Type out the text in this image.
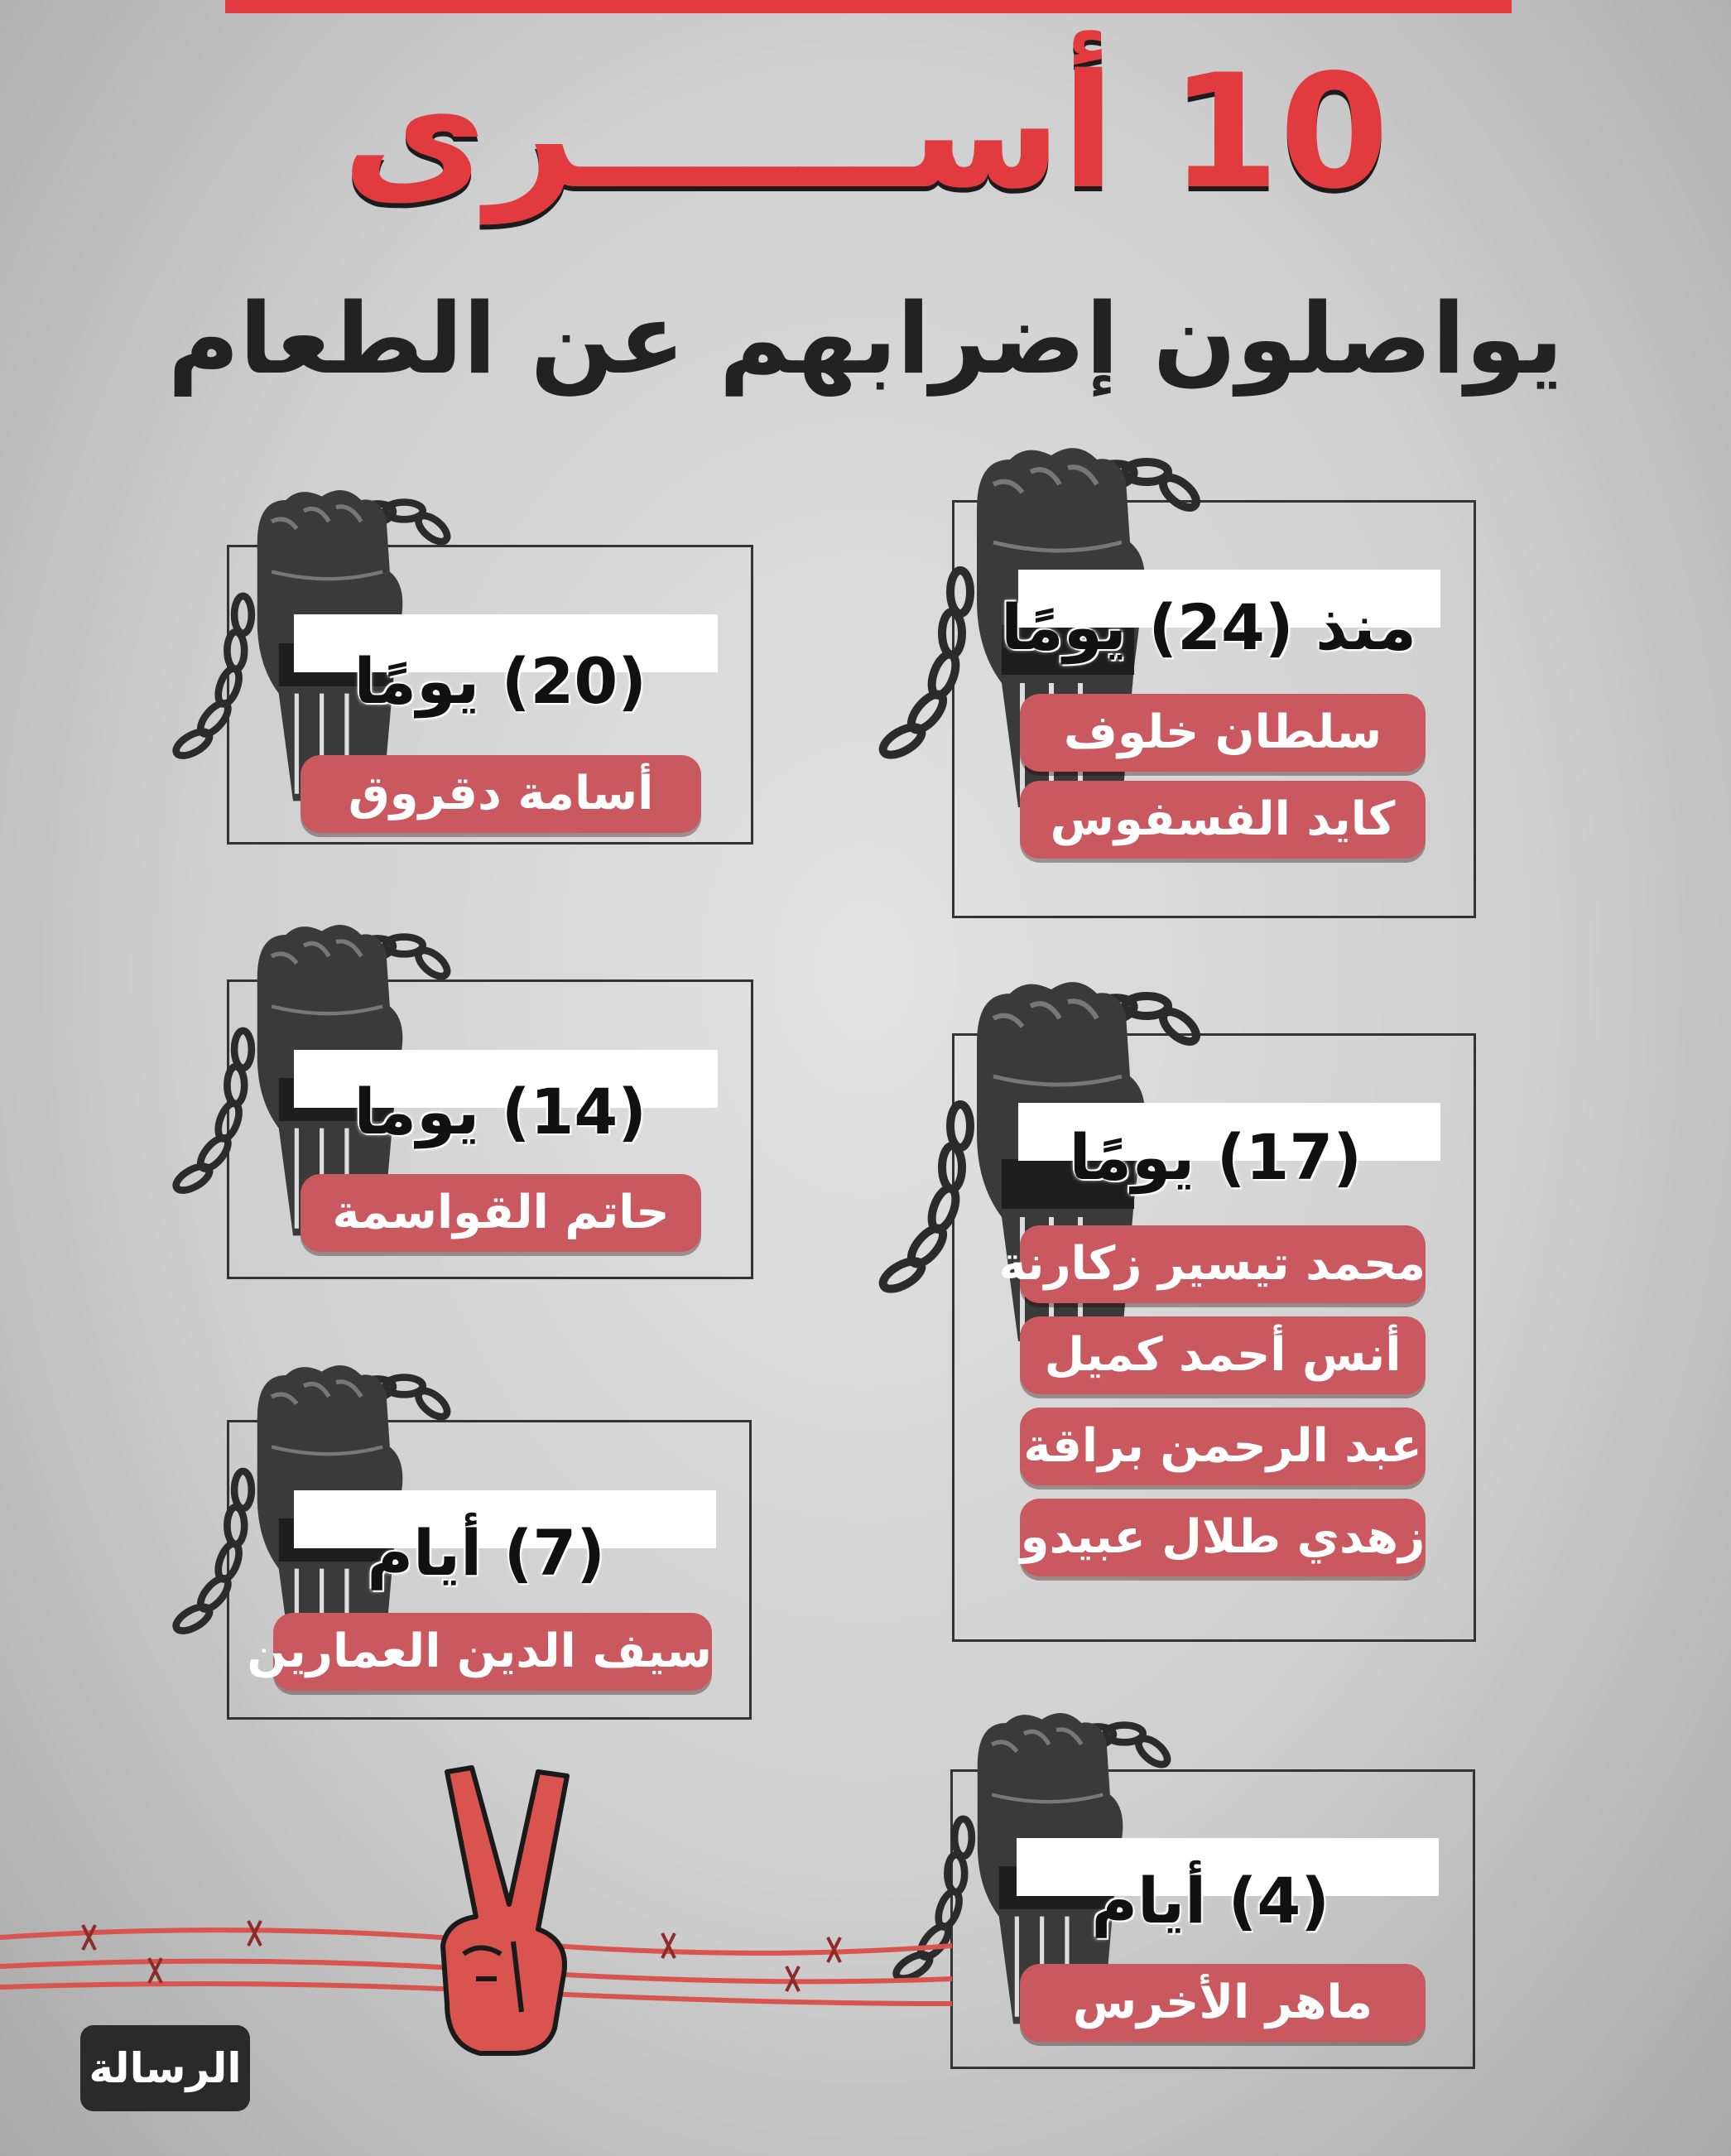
10 أســــــرى
يواصلون إضرابهم عن الطعام
منذ (24) يومًا
سلطان خلوف
كايد الفسفوس
(20) يومًا
أسامة دقروق
(17) يومًا
محمد تيسير زكارنة
أنس أحمد كميل
عبد الرحمن براقة
زهدي طلال عبيدو
(14) يوما
حاتم القواسمة
(7) أيام
سيف الدين العمارين
(4) أيام
ماهر الأخرس
الرسالة
